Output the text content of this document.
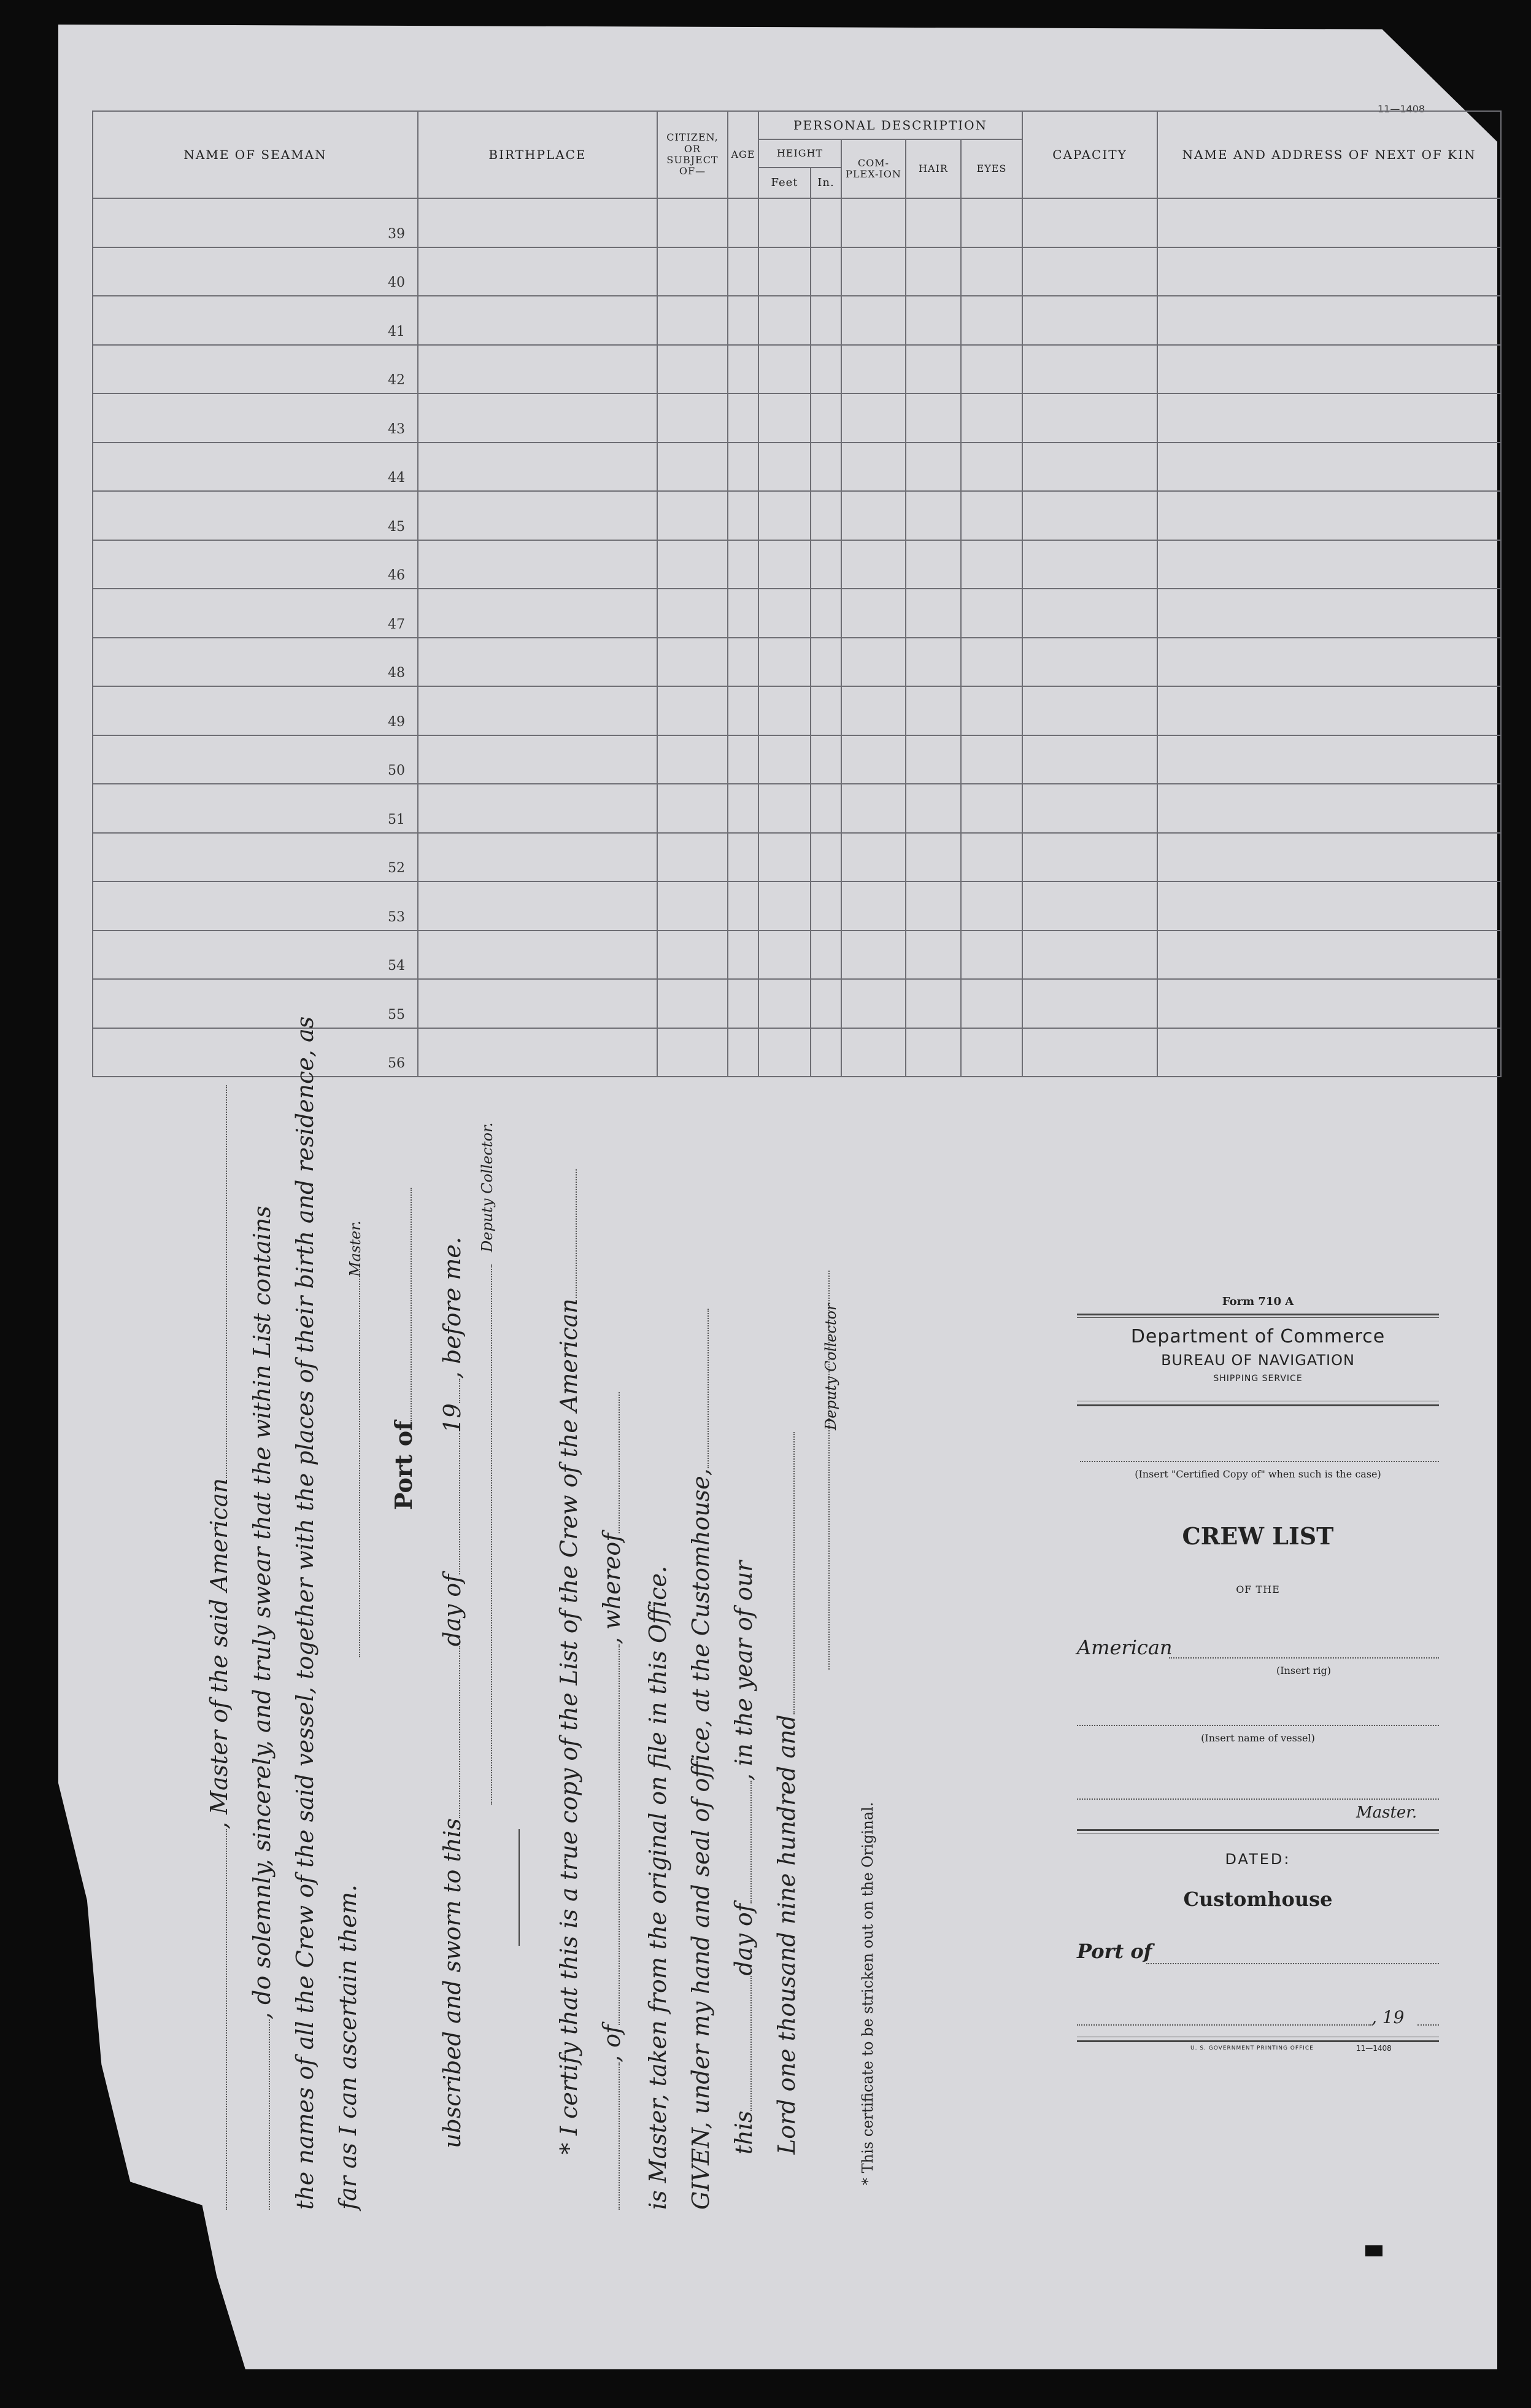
11—1408
NAME OF SEAMAN	BIRTHPLACE	CITIZEN, OR SUBJECT OF—	AGE	PERSONAL DESCRIPTION					CAPACITY	NAME AND ADDRESS OF NEXT OF KIN
				HEIGHT		COM-PLEX-ION	HAIR	EYES		
				Feet	In.					
39										
40										
41										
42										
43										
44										
45										
46										
47										
48										
49										
50										
51										
52										
53										
54										
55										
56										
, Master of the said American , do solemnly, sincerely, and truly swear that the within List contains the names of all the Crew of the said vessel, together with the places of their birth and residence, as far as I can ascertain them.
Master.
Port of
ubscribed and sworn to thisday of19, before me.
Deputy Collector.
* I certify that this is a true copy of the List of the Crew of the American , of, whereof is Master, taken from the original on file in this Office. GIVEN, under my hand and seal of office, at the Customhouse, thisday of, in the year of our
Lord one thousand nine hundred and
Deputy Collector
* This certificate to be stricken out on the Original.
Form 710 A
Department of Commerce
BUREAU OF NAVIGATION
SHIPPING SERVICE
(Insert "Certified Copy of" when such is the case)
CREW LIST
OF THE
American
(Insert rig)
(Insert name of vessel)
Master.
DATED:
Customhouse
Port of
, 19
U. S. GOVERNMENT PRINTING OFFICE	11—1408
